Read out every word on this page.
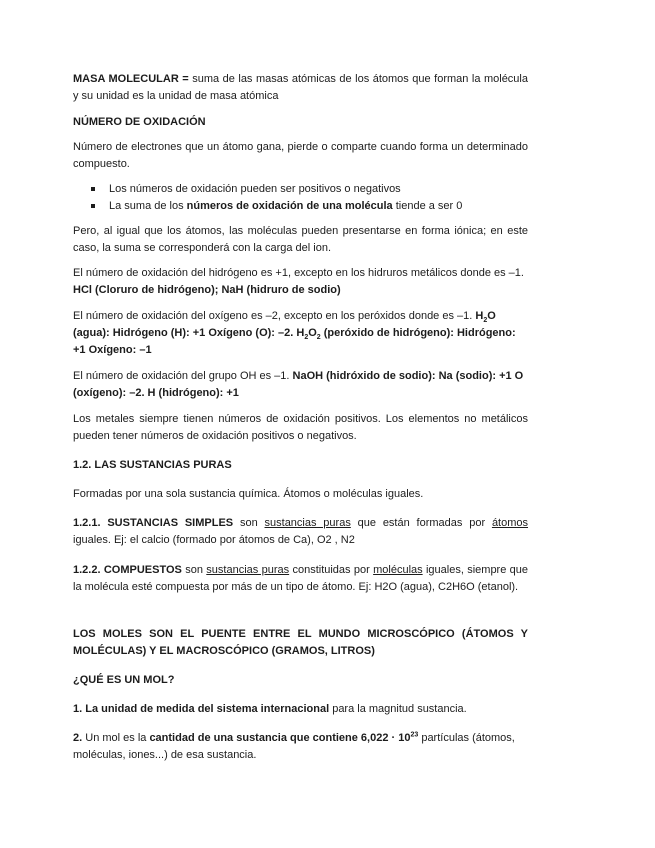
MASA MOLECULAR = suma de las masas atómicas de los átomos que forman la molécula y su unidad es la unidad de masa atómica

NÚMERO DE OXIDACIÓN

Número de electrones que un átomo gana, pierde o comparte cuando forma un determinado compuesto.

Los números de oxidación pueden ser positivos o negativos
La suma de los números de oxidación de una molécula tiende a ser 0

Pero, al igual que los átomos, las moléculas pueden presentarse en forma iónica; en este caso, la suma se corresponderá con la carga del ion.

El número de oxidación del hidrógeno es +1, excepto en los hidruros metálicos donde es –1. HCl (Cloruro de hidrógeno); NaH (hidruro de sodio)

El número de oxidación del oxígeno es –2, excepto en los peróxidos donde es –1. $H_2O$ (agua): Hidrógeno (H): +1 Oxígeno (O): –2. $H_2O_2$ (peróxido de hidrógeno): Hidrógeno: +1 Oxígeno: –1

El número de oxidación del grupo OH es –1. NaOH (hidróxido de sodio): Na (sodio): +1 O (oxígeno): –2. H (hidrógeno): +1

Los metales siempre tienen números de oxidación positivos. Los elementos no metálicos pueden tener números de oxidación positivos o negativos.

1.2. LAS SUSTANCIAS PURAS

Formadas por una sola sustancia química. Átomos o moléculas iguales.

1.2.1. SUSTANCIAS SIMPLES son sustancias puras que están formadas por átomos iguales. Ej: el calcio (formado por átomos de Ca), O2 , N2

1.2.2. COMPUESTOS son sustancias puras constituidas por moléculas iguales, siempre que la molécula esté compuesta por más de un tipo de átomo. Ej: H2O (agua), C2H6O (etanol).

LOS MOLES SON EL PUENTE ENTRE EL MUNDO MICROSCÓPICO (ÁTOMOS Y MOLÉCULAS) Y EL MACROSCÓPICO (GRAMOS, LITROS)

¿QUÉ ES UN MOL?

1. La unidad de medida del sistema internacional para la magnitud sustancia.

2. Un mol es la cantidad de una sustancia que contiene $6,022 \cdot 10^{23}$ partículas (átomos, moléculas, iones...) de esa sustancia.
